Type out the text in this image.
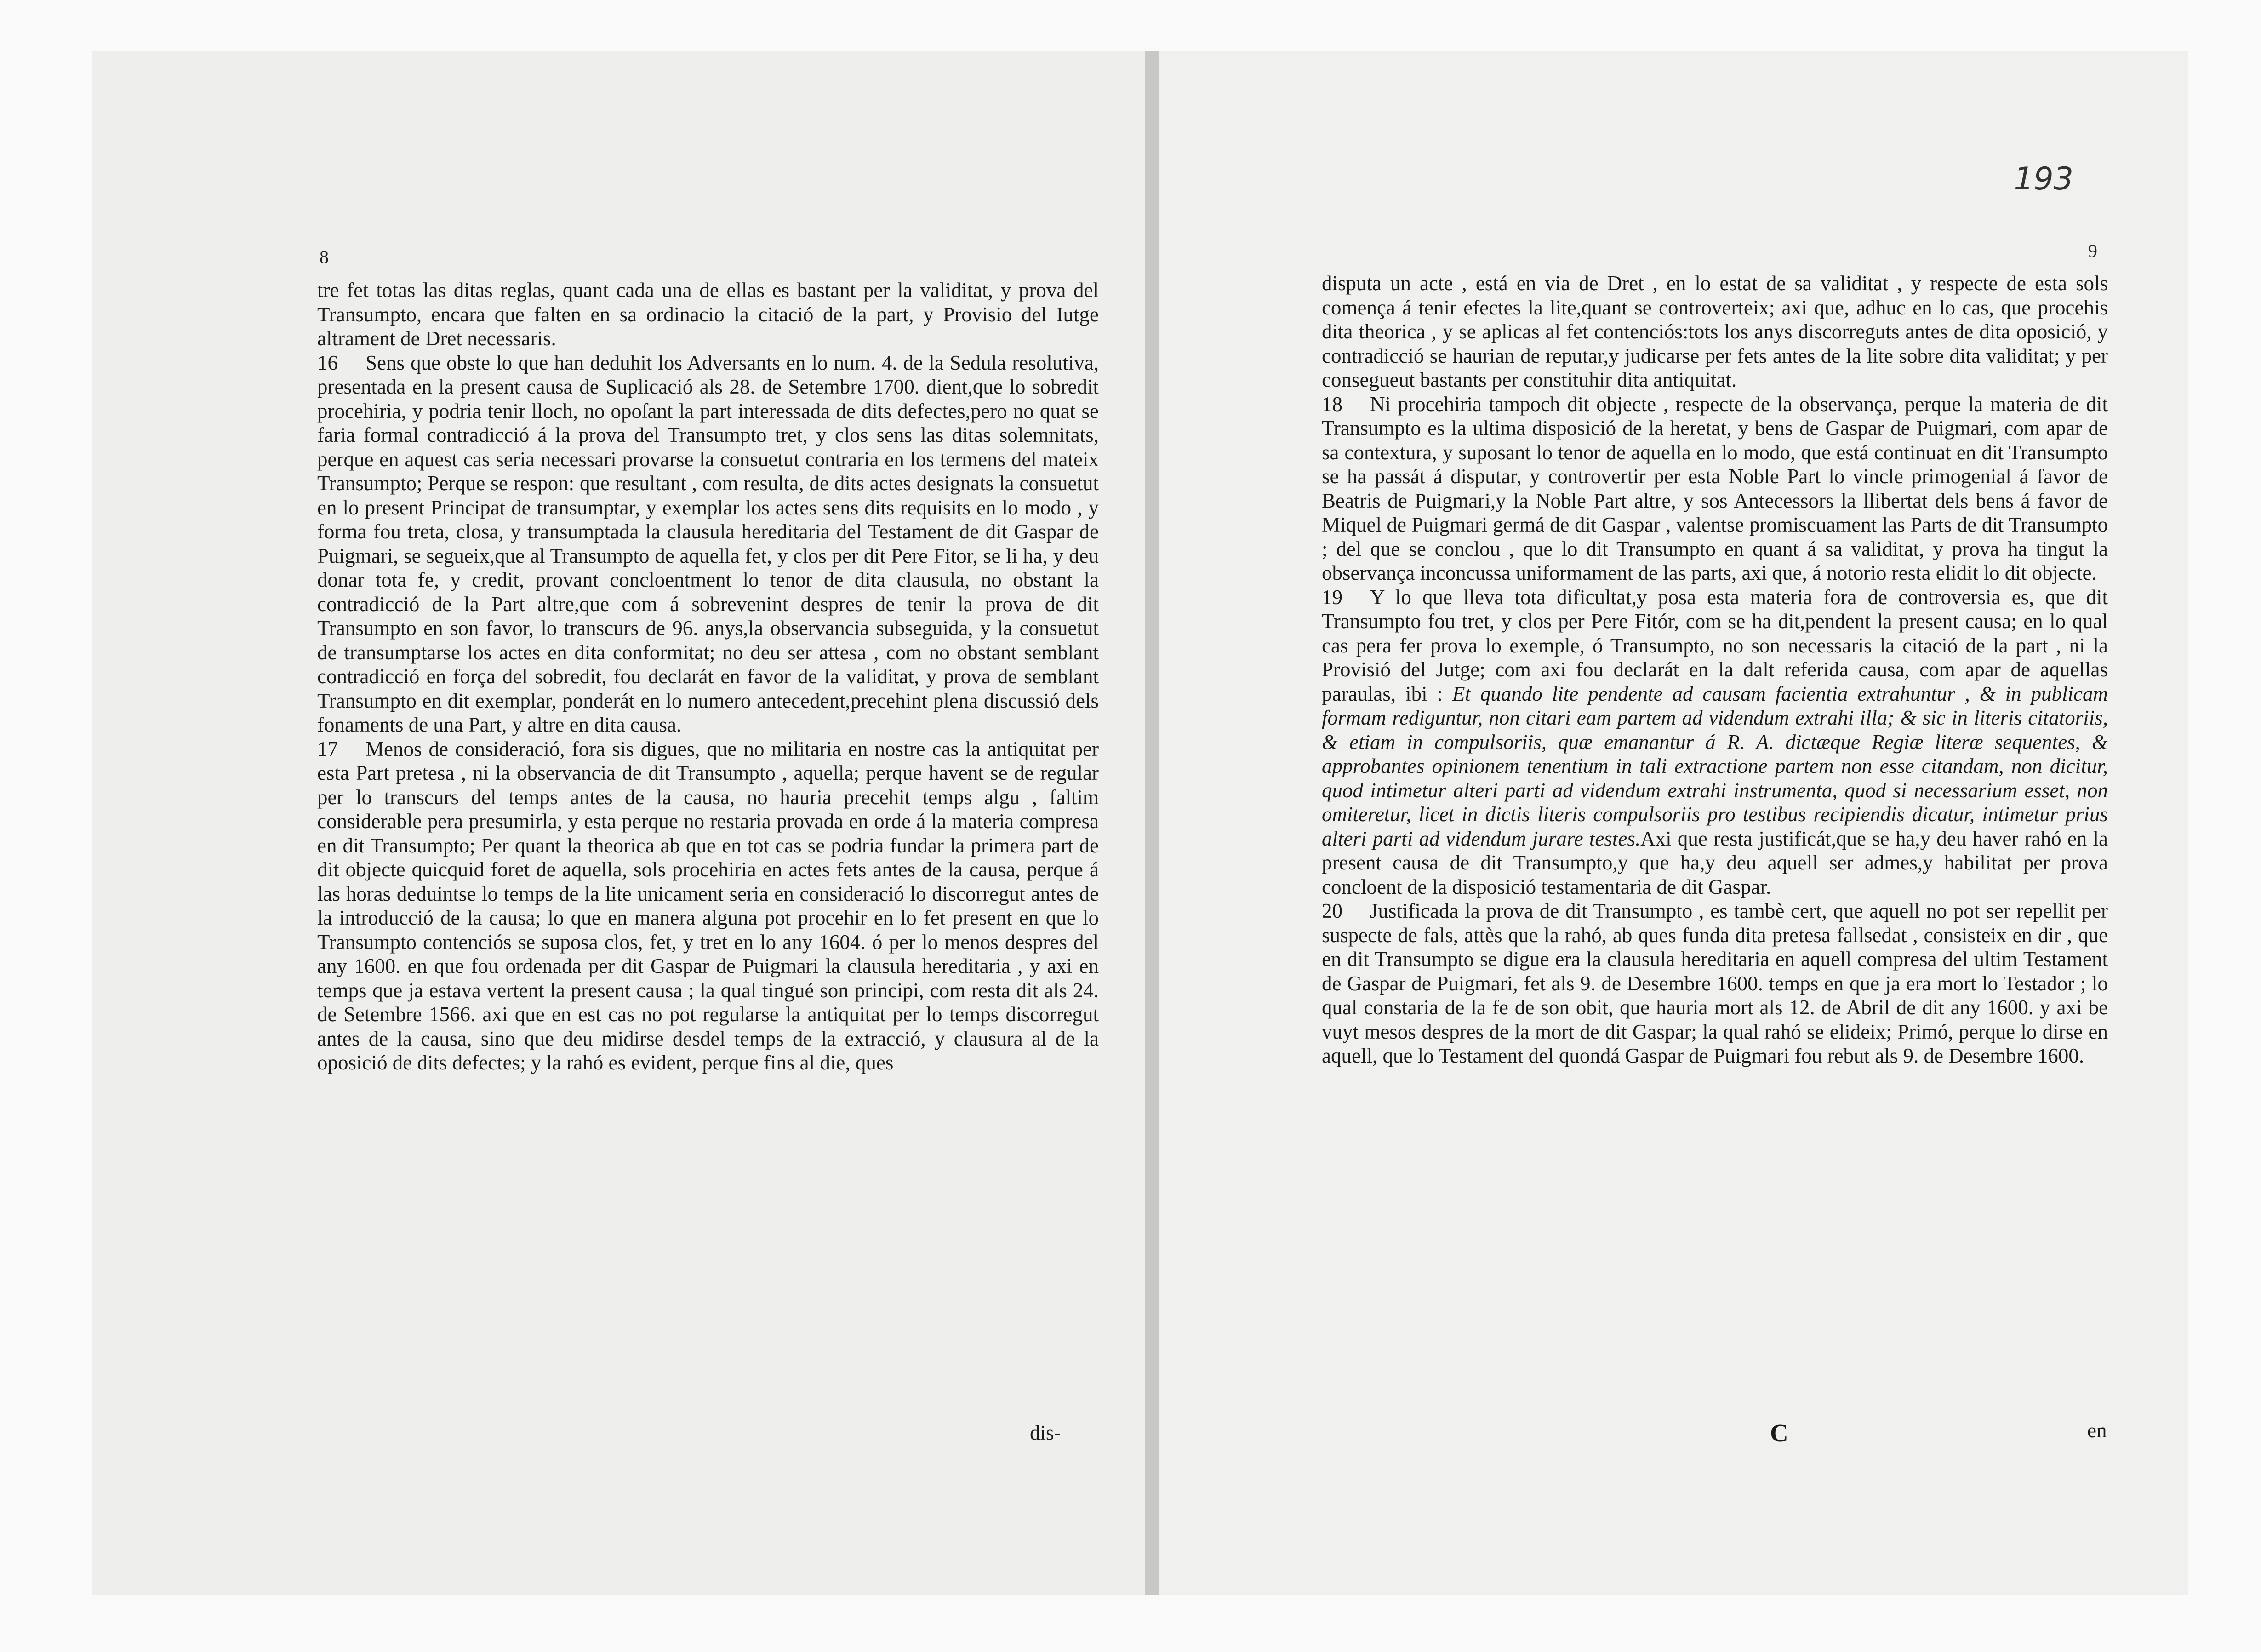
8

tre fet totas las ditas reglas, quant cada una de ellas es bastant per la validitat, y prova del Transumpto, encara que falten en sa ordinacio la citació de la part, y Provisio del Iutge altrament de Dret necessaris.

16 Sens que obste lo que han deduhit los Adversants en lo num. 4. de la Sedula resolutiva, presentada en la present causa de Suplicació als 28. de Setembre 1700. dient,que lo sobredit procehiria, y podria tenir lloch, no opoſant la part interessada de dits defectes,pero no quat se faria formal contradicció á la prova del Transumpto tret, y clos sens las ditas solemnitats, perque en aquest cas seria necessari provarse la consuetut contraria en los termens del mateix Transumpto; Perque se respon: que resultant , com resulta, de dits actes designats la consuetut en lo present Principat de transumptar, y exemplar los actes sens dits requisits en lo modo , y forma fou treta, closa, y transumptada la clausula hereditaria del Testament de dit Gaspar de Puigmari, se segueix,que al Transumpto de aquella fet, y clos per dit Pere Fitor, se li ha, y deu donar tota fe, y credit, provant concloentment lo tenor de dita clausula, no obstant la contradicció de la Part altre,que com á sobrevenint despres de tenir la prova de dit Transumpto en son favor, lo transcurs de 96. anys,la observancia subseguida, y la consuetut de transumptarse los actes en dita conformitat; no deu ser attesa , com no obstant semblant contradicció en força del sobredit, fou declarát en favor de la validitat, y prova de semblant Transumpto en dit exemplar, ponderát en lo numero antecedent,precehint plena discussió dels fonaments de una Part, y altre en dita causa.

17 Menos de consideració, fora sis digues, que no militaria en nostre cas la antiquitat per esta Part pretesa , ni la observancia de dit Transumpto , aquella; perque havent se de regular per lo transcurs del temps antes de la causa, no hauria precehit temps algu , faltim considerable pera presumirla, y esta perque no restaria provada en orde á la materia compresa en dit Transumpto; Per quant la theorica ab que en tot cas se podria fundar la primera part de dit objecte quicquid foret de aquella, sols procehiria en actes fets antes de la causa, perque á las horas deduintse lo temps de la lite unicament seria en consideració lo discorregut antes de la introducció de la causa; lo que en manera alguna pot procehir en lo fet present en que lo Transumpto contenciós se suposa clos, fet, y tret en lo any 1604. ó per lo menos despres del any 1600. en que fou ordenada per dit Gaspar de Puigmari la clausula hereditaria , y axi en temps que ja estava vertent la present causa ; la qual tingué son principi, com resta dit als 24. de Setembre 1566. axi que en est cas no pot regularse la antiquitat per lo temps discorregut antes de la causa, sino que deu midirse desdel temps de la extracció, y clausura al de la oposició de dits defectes; y la rahó es evident, perque fins al die, ques

dis-
193
9

disputa un acte , está en via de Dret , en lo estat de sa validitat , y respecte de esta sols comença á tenir efectes la lite,quant se controverteix; axi que, adhuc en lo cas, que procehis dita theorica , y se aplicas al fet contenciós:tots los anys discorreguts antes de dita oposició, y contradicció se haurian de reputar,y judicarse per fets antes de la lite sobre dita validitat; y per consegueut bastants per constituhir dita antiquitat.

18 Ni procehiria tampoch dit objecte , respecte de la observança, perque la materia de dit Transumpto es la ultima disposició de la heretat, y bens de Gaspar de Puigmari, com apar de sa contextura, y suposant lo tenor de aquella en lo modo, que está continuat en dit Transumpto se ha passát á disputar, y controvertir per esta Noble Part lo vincle primogenial á favor de Beatris de Puigmari,y la Noble Part altre, y sos Antecessors la llibertat dels bens á favor de Miquel de Puigmari germá de dit Gaspar , valentse promiscuament las Parts de dit Transumpto ; del que se conclou , que lo dit Transumpto en quant á sa validitat, y prova ha tingut la observança inconcussa uniformament de las parts, axi que, á notorio resta elidit lo dit objecte.

19 Y lo que lleva tota dificultat,y posa esta materia fora de controversia es, que dit Transumpto fou tret, y clos per Pere Fitór, com se ha dit,pendent la present causa; en lo qual cas pera fer prova lo exemple, ó Transumpto, no son necessaris la citació de la part , ni la Provisió del Jutge; com axi fou declarát en la dalt referida causa, com apar de aquellas paraulas, ibi : Et quando lite pendente ad causam facientia extrahuntur , & in publicam formam rediguntur, non citari eam partem ad videndum extrahi illa; & sic in literis citatoriis, & etiam in compulsoriis, quæ emanantur á R. A. dictæque Regiæ literæ sequentes, & approbantes opinionem tenentium in tali extractione partem non esse citandam, non dicitur, quod intimetur alteri parti ad videndum extrahi instrumenta, quod si necessarium esset, non omiteretur, licet in dictis literis compulsoriis pro testibus recipiendis dicatur, intimetur prius alteri parti ad videndum jurare testes.Axi que resta justificát,que se ha,y deu haver rahó en la present causa de dit Transumpto,y que ha,y deu aquell ser admes,y habilitat per prova concloent de la disposició testamentaria de dit Gaspar.

20 Justificada la prova de dit Transumpto , es tambè cert, que aquell no pot ser repellit per suspecte de fals, attès que la rahó, ab ques funda dita pretesa fallsedat , consisteix en dir , que en dit Transumpto se digue era la clausula hereditaria en aquell compresa del ultim Testament de Gaspar de Puigmari, fet als 9. de Desembre 1600. temps en que ja era mort lo Testador ; lo qual constaria de la fe de son obit, que hauria mort als 12. de Abril de dit any 1600. y axi be vuyt mesos despres de la mort de dit Gaspar; la qual rahó se elideix; Primó, perque lo dirse en aquell, que lo Testament del quondá Gaspar de Puigmari fou rebut als 9. de Desembre 1600.

C	en
